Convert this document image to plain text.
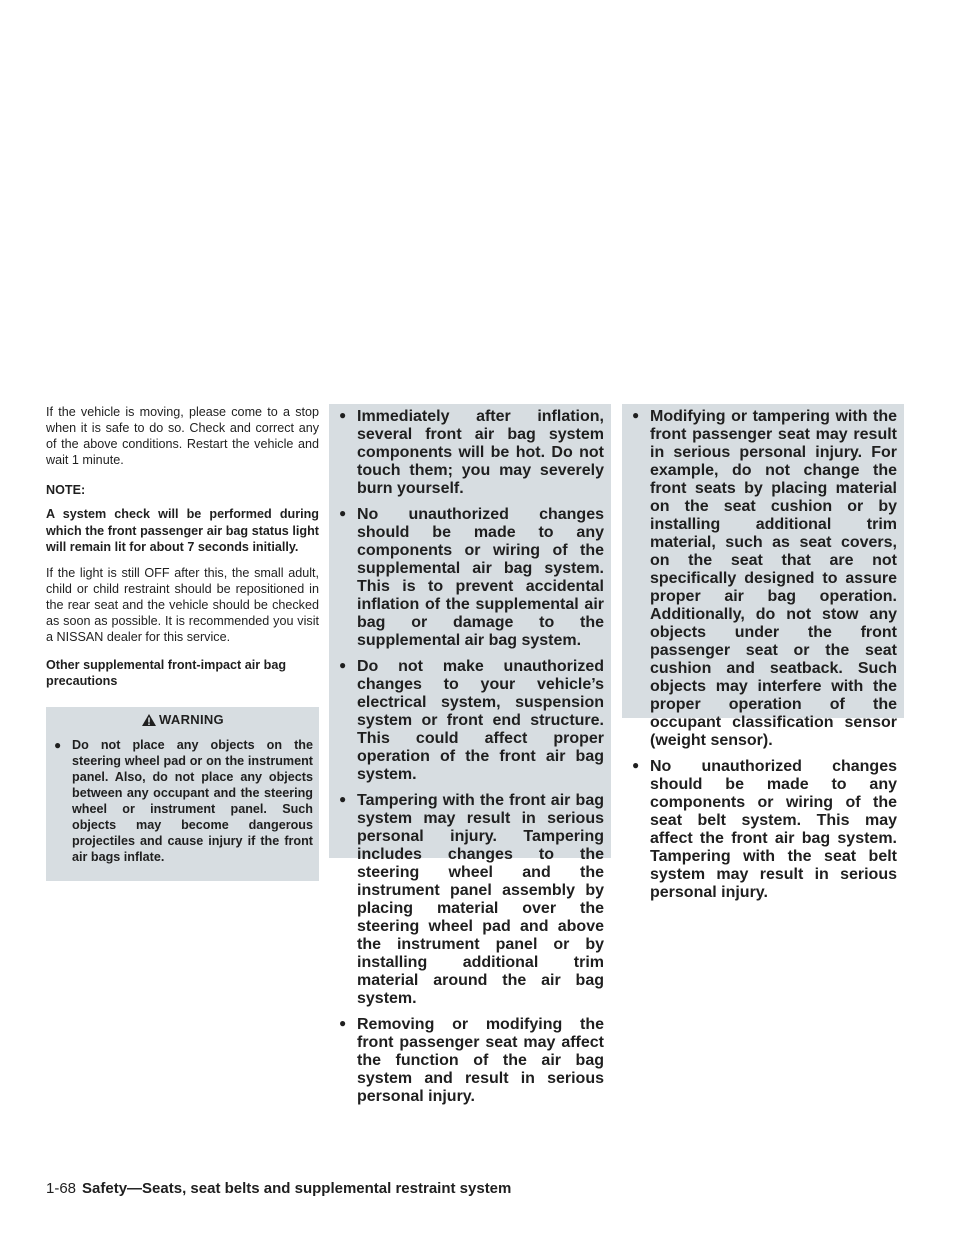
If the vehicle is moving, please come to a stop when it is safe to do so. Check and correct any of the above conditions. Restart the vehicle and wait 1 minute.

NOTE:

A system check will be performed during which the front passenger air bag status light will remain lit for about 7 seconds initially.

If the light is still OFF after this, the small adult, child or child restraint should be repositioned in the rear seat and the vehicle should be checked as soon as possible. It is recommended you visit a NISSAN dealer for this service.

Other supplemental front-impact air bag precautions

WARNING
● Do not place any objects on the steering wheel pad or on the instrument panel. Also, do not place any objects between any occupant and the steering wheel or instrument panel. Such objects may become dangerous projectiles and cause injury if the front air bags inflate.
● Immediately after inflation, several front air bag system components will be hot. Do not touch them; you may severely burn yourself.
● No unauthorized changes should be made to any components or wiring of the supplemental air bag system. This is to prevent accidental inflation of the supplemental air bag or damage to the supplemental air bag system.
● Do not make unauthorized changes to your vehicle’s electrical system, suspension system or front end structure. This could affect proper operation of the front air bag system.
● Tampering with the front air bag system may result in serious personal injury. Tampering includes changes to the steering wheel and the instrument panel assembly by placing material over the steering wheel pad and above the instrument panel or by installing additional trim material around the air bag system.
● Removing or modifying the front passenger seat may affect the function of the air bag system and result in serious personal injury.
● Modifying or tampering with the front passenger seat may result in serious personal injury. For example, do not change the front seats by placing material on the seat cushion or by installing additional trim material, such as seat covers, on the seat that are not specifically designed to assure proper air bag operation. Additionally, do not stow any objects under the front passenger seat or the seat cushion and seatback. Such objects may interfere with the proper operation of the occupant classification sensor (weight sensor).
● No unauthorized changes should be made to any components or wiring of the seat belt system. This may affect the front air bag system. Tampering with the seat belt system may result in serious personal injury.
1-68 Safety—Seats, seat belts and supplemental restraint system
